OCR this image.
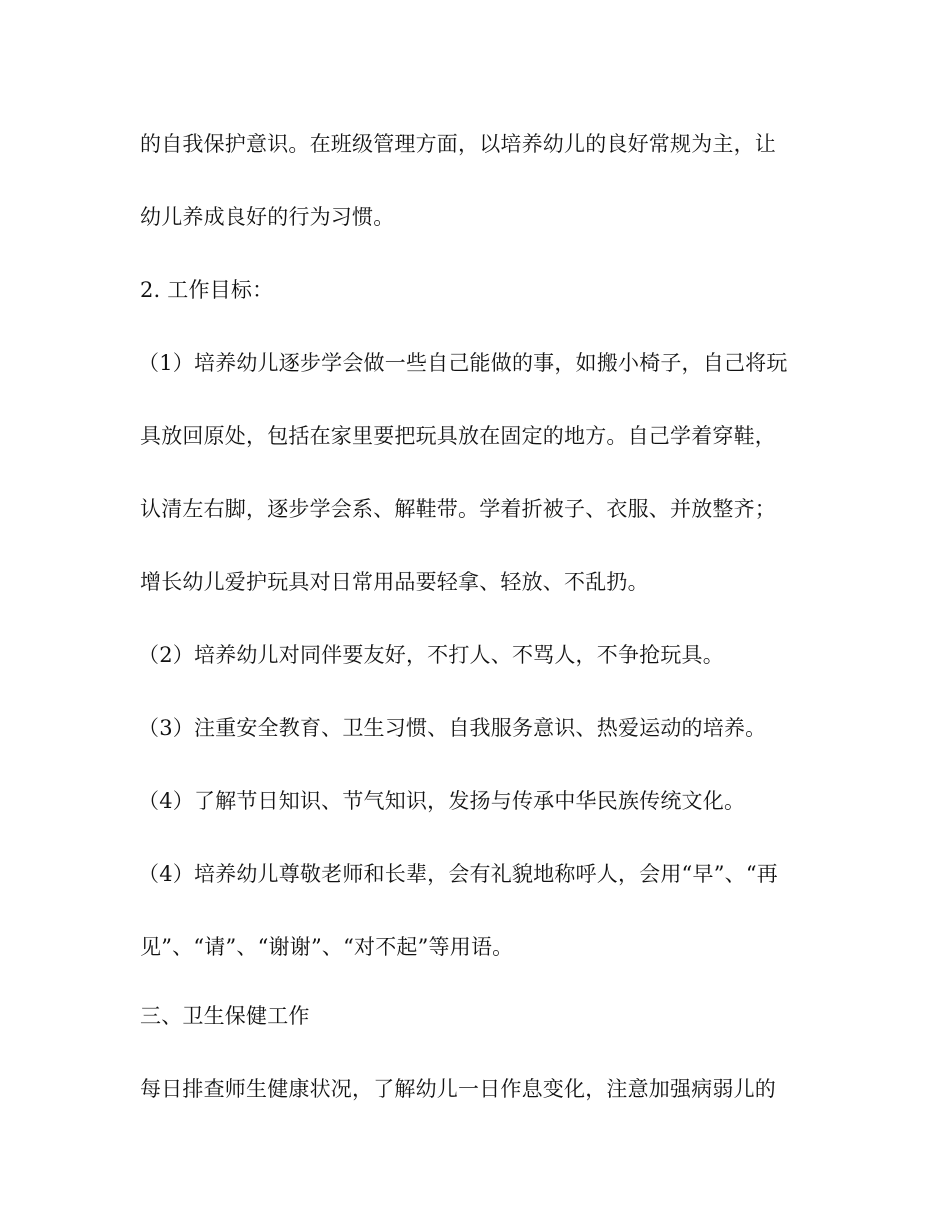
的自我保护意识。在班级管理方面，以培养幼儿的良好常规为主，让
幼儿养成良好的行为习惯。
2. 工作目标：
（1）培养幼儿逐步学会做一些自己能做的事，如搬小椅子，自己将玩
具放回原处，包括在家里要把玩具放在固定的地方。自己学着穿鞋，
认清左右脚，逐步学会系、解鞋带。学着折被子、衣服、并放整齐；
增长幼儿爱护玩具对日常用品要轻拿、轻放、不乱扔。
（2）培养幼儿对同伴要友好，不打人、不骂人，不争抢玩具。
（3）注重安全教育、卫生习惯、自我服务意识、热爱运动的培养。
（4）了解节日知识、节气知识，发扬与传承中华民族传统文化。
（4）培养幼儿尊敬老师和长辈，会有礼貌地称呼人，会用“早”、“再
见”、“请”、“谢谢”、“对不起”等用语。
三、卫生保健工作
每日排查师生健康状况，了解幼儿一日作息变化，注意加强病弱儿的
